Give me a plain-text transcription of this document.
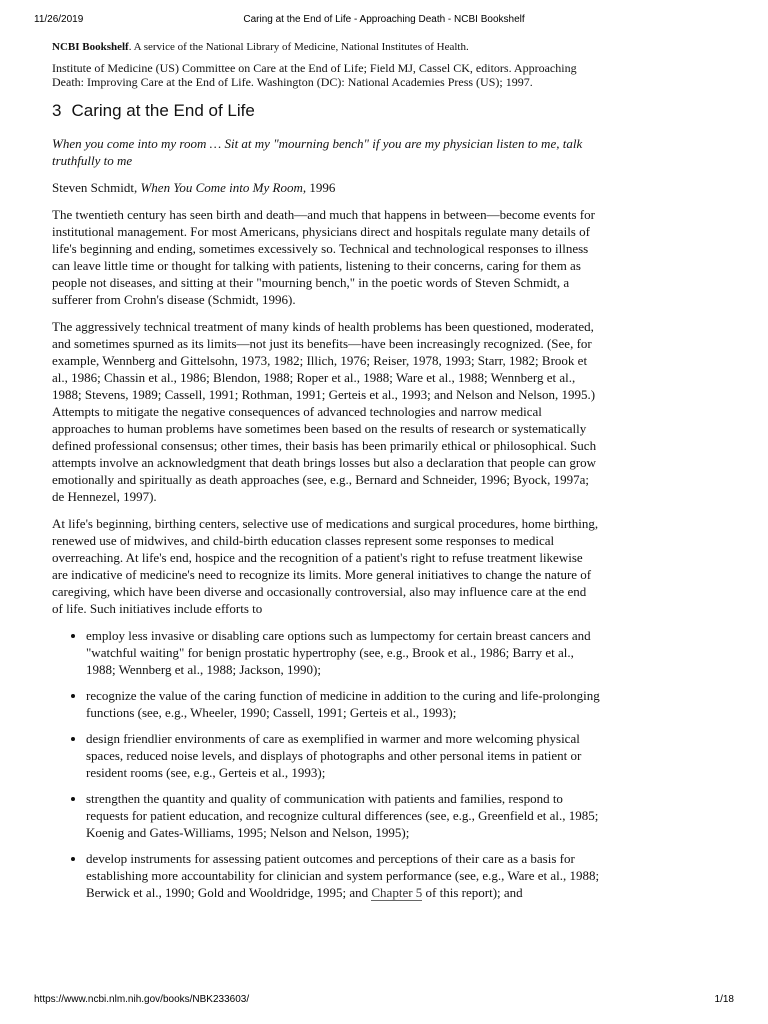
11/26/2019	Caring at the End of Life - Approaching Death - NCBI Bookshelf
NCBI Bookshelf. A service of the National Library of Medicine, National Institutes of Health.
Institute of Medicine (US) Committee on Care at the End of Life; Field MJ, Cassel CK, editors. Approaching Death: Improving Care at the End of Life. Washington (DC): National Academies Press (US); 1997.
3 Caring at the End of Life
When you come into my room … Sit at my "mourning bench" if you are my physician listen to me, talk truthfully to me
Steven Schmidt, When You Come into My Room, 1996

The twentieth century has seen birth and death—and much that happens in between—become events for institutional management. For most Americans, physicians direct and hospitals regulate many details of life's beginning and ending, sometimes excessively so. Technical and technological responses to illness can leave little time or thought for talking with patients, listening to their concerns, caring for them as people not diseases, and sitting at their "mourning bench," in the poetic words of Steven Schmidt, a sufferer from Crohn's disease (Schmidt, 1996).

The aggressively technical treatment of many kinds of health problems has been questioned, moderated, and sometimes spurned as its limits—not just its benefits—have been increasingly recognized. (See, for example, Wennberg and Gittelsohn, 1973, 1982; Illich, 1976; Reiser, 1978, 1993; Starr, 1982; Brook et al., 1986; Chassin et al., 1986; Blendon, 1988; Roper et al., 1988; Ware et al., 1988; Wennberg et al., 1988; Stevens, 1989; Cassell, 1991; Rothman, 1991; Gerteis et al., 1993; and Nelson and Nelson, 1995.) Attempts to mitigate the negative consequences of advanced technologies and narrow medical approaches to human problems have sometimes been based on the results of research or systematically defined professional consensus; other times, their basis has been primarily ethical or philosophical. Such attempts involve an acknowledgment that death brings losses but also a declaration that people can grow emotionally and spiritually as death approaches (see, e.g., Bernard and Schneider, 1996; Byock, 1997a; de Hennezel, 1997).

At life's beginning, birthing centers, selective use of medications and surgical procedures, home birthing, renewed use of midwives, and child-birth education classes represent some responses to medical overreaching. At life's end, hospice and the recognition of a patient's right to refuse treatment likewise are indicative of medicine's need to recognize its limits. More general initiatives to change the nature of caregiving, which have been diverse and occasionally controversial, also may influence care at the end of life. Such initiatives include efforts to

• employ less invasive or disabling care options such as lumpectomy for certain breast cancers and "watchful waiting" for benign prostatic hypertrophy (see, e.g., Brook et al., 1986; Barry et al., 1988; Wennberg et al., 1988; Jackson, 1990);
• recognize the value of the caring function of medicine in addition to the curing and life-prolonging functions (see, e.g., Wheeler, 1990; Cassell, 1991; Gerteis et al., 1993);
• design friendlier environments of care as exemplified in warmer and more welcoming physical spaces, reduced noise levels, and displays of photographs and other personal items in patient or resident rooms (see, e.g., Gerteis et al., 1993);
• strengthen the quantity and quality of communication with patients and families, respond to requests for patient education, and recognize cultural differences (see, e.g., Greenfield et al., 1985; Koenig and Gates-Williams, 1995; Nelson and Nelson, 1995);
• develop instruments for assessing patient outcomes and perceptions of their care as a basis for establishing more accountability for clinician and system performance (see, e.g., Ware et al., 1988; Berwick et al., 1990; Gold and Wooldridge, 1995; and Chapter 5 of this report); and
https://www.ncbi.nlm.nih.gov/books/NBK233603/	1/18
